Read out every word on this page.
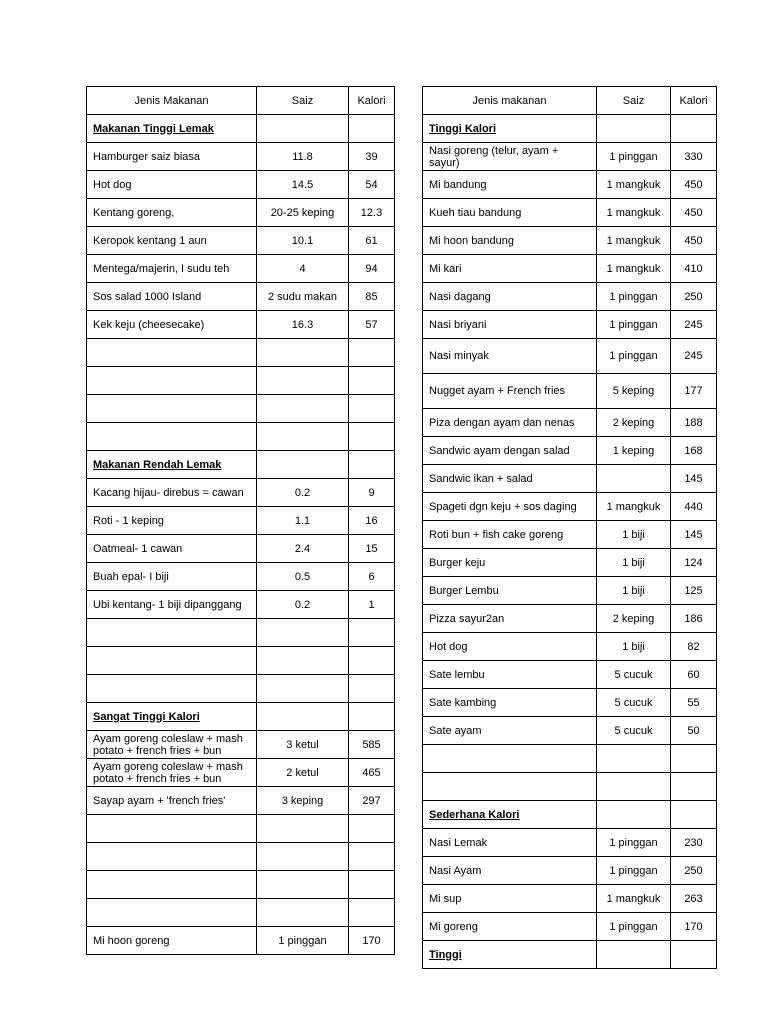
Jenis Makanan	Saiz	Kalori
Makanan Tinggi Lemak		
Hamburger saiz biasa	11.8	39
Hot dog	14.5	54
Kentang goreng,	20-25 keping	12.3
Keropok kentang 1 aun	10.1	61
Mentega/majerin, I sudu teh	4	94
Sos salad 1000 Island	2 sudu makan	85
Kek keju (cheesecake)	16.3	57

Makanan Rendah Lemak		
Kacang hijau- direbus = cawan	0.2	9
Roti - 1 keping	1.1	16
Oatmeal- 1 cawan	2.4	15
Buah epal- I biji	0.5	6
Ubi kentang- 1 biji dipanggang	0.2	1

Sangat Tinggi Kalori		
Ayam goreng coleslaw + mash potato + french fries + bun	3 ketul	585
Ayam goreng coleslaw + mash potato + french fries + bun	2 ketul	465
Sayap ayam + 'french fries'	3 keping	297

Mi hoon goreng	1 pinggan	170
Jenis makanan	Saiz	Kalori
Tinggi Kalori		
Nasi goreng (telur, ayam + sayur)	1 pinggan	330
Mi bandung	1 mangkuk	450
Kueh tiau bandung	1 mangkuk	450
Mi hoon bandung	1 mangkuk	450
Mi kari	1 mangkuk	410
Nasi dagang	1 pinggan	250
Nasi briyani	1 pinggan	245
Nasi minyak	1 pinggan	245
Nugget ayam + French fries	5 keping	177
Piza dengan ayam dan nenas	2 keping	188
Sandwic ayam dengan salad	1 keping	168
Sandwic ikan + salad		145
Spageti dgn keju + sos daging	1 mangkuk	440
Roti bun + fish cake goreng	1 biji	145
Burger keju	1 biji	124
Burger Lembu	1 biji	125
Pizza sayur2an	2 keping	186
Hot dog	1 biji	82
Sate lembu	5 cucuk	60
Sate kambing	5 cucuk	55
Sate ayam	5 cucuk	50

Sederhana Kalori		
Nasi Lemak	1 pinggan	230
Nasi Ayam	1 pinggan	250
Mi sup	1 mangkuk	263
Mi goreng	1 pinggan	170
Tinggi		
